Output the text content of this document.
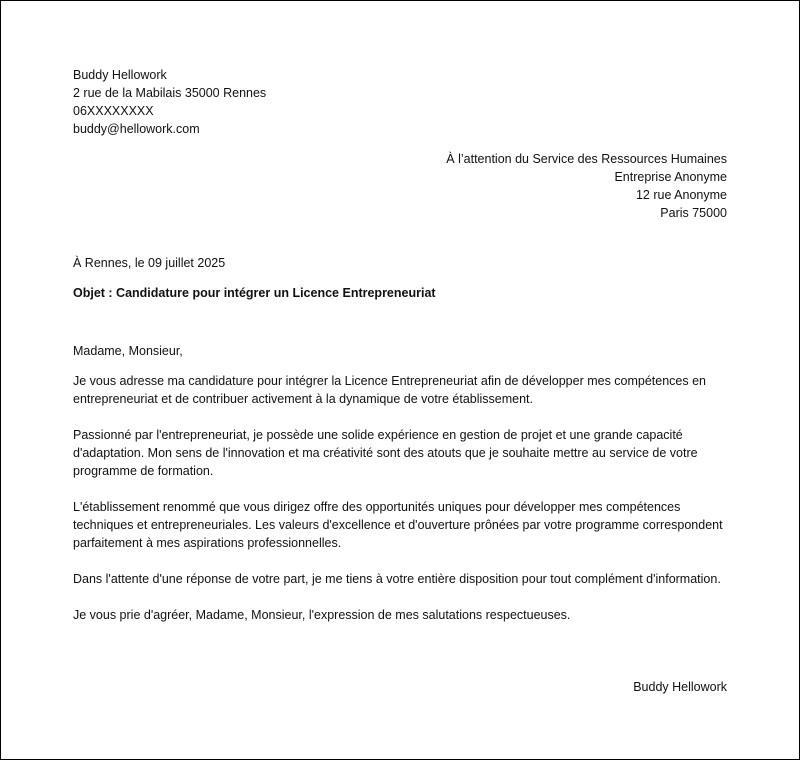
Buddy Hellowork
2 rue de la Mabilais 35000 Rennes
06XXXXXXXX
buddy@hellowork.com
À l’attention du Service des Ressources Humaines
Entreprise Anonyme
12 rue Anonyme
Paris 75000
À Rennes, le 09 juillet 2025
Objet : Candidature pour intégrer un Licence Entrepreneuriat

Madame, Monsieur,

Je vous adresse ma candidature pour intégrer la Licence Entrepreneuriat afin de développer mes compétences en entrepreneuriat et de contribuer activement à la dynamique de votre établissement.

Passionné par l'entrepreneuriat, je possède une solide expérience en gestion de projet et une grande capacité d'adaptation. Mon sens de l'innovation et ma créativité sont des atouts que je souhaite mettre au service de votre programme de formation.

L'établissement renommé que vous dirigez offre des opportunités uniques pour développer mes compétences techniques et entrepreneuriales. Les valeurs d'excellence et d'ouverture prônées par votre programme correspondent parfaitement à mes aspirations professionnelles.

Dans l'attente d'une réponse de votre part, je me tiens à votre entière disposition pour tout complément d'information.

Je vous prie d'agréer, Madame, Monsieur, l'expression de mes salutations respectueuses.

Buddy Hellowork
